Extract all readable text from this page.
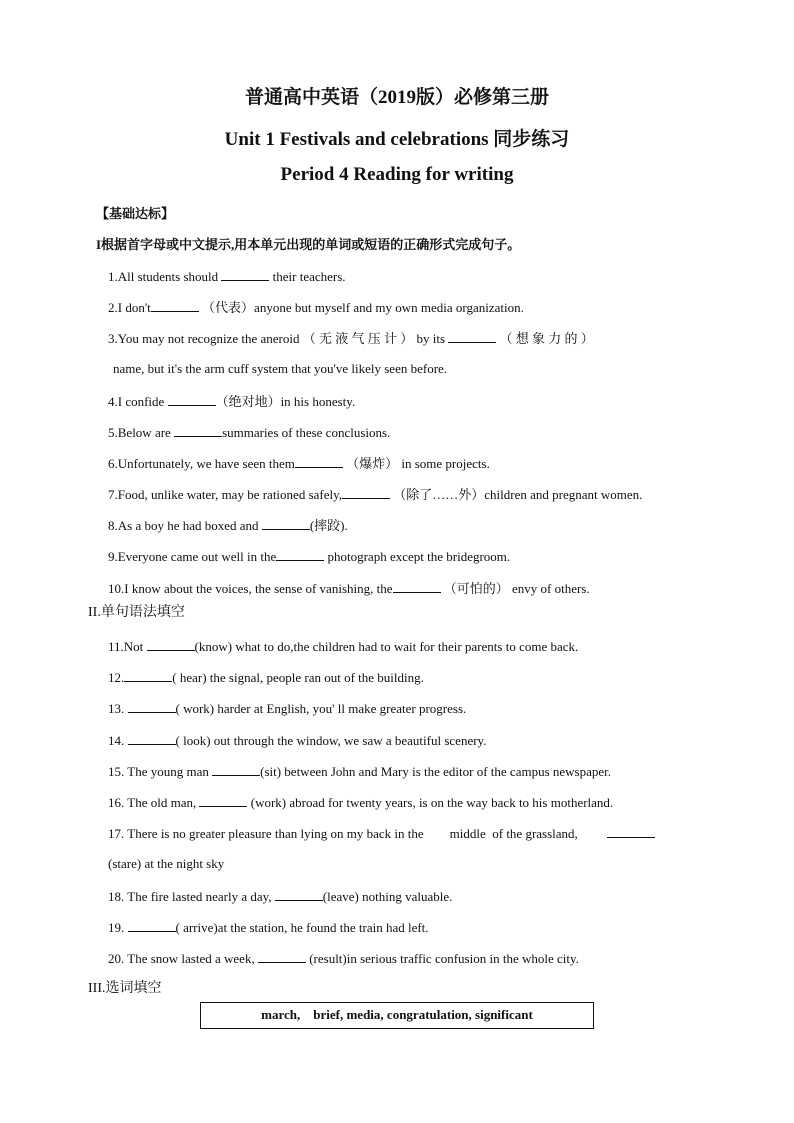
普通高中英语（2019版）必修第三册
Unit 1 Festivals and celebrations 同步练习
Period 4 Reading for writing
【基础达标】
I根据首字母或中文提示,用本单元出现的单词或短语的正确形式完成句子。
1.All students should	their teachers.
2.I don't	（代表）anyone but myself and my own media organization.
3.You may not recognize the aneroid （ 无 液 气 压 计 ） by its	（ 想 象 力 的 ）
name, but it's the arm cuff system that you've likely seen before.
4.I confide	（绝对地）in his honesty.
5.Below are	summaries of these conclusions.
6.Unfortunately, we have seen them	（爆炸） in some projects.
7.Food, unlike water, may be rationed safely,	（除了……外）children and pregnant women.
8.As a boy he had boxed and	(摔跤).
9.Everyone came out well in the	photograph except the bridegroom.
10.I know about the voices, the sense of vanishing, the	（可怕的） envy of others.
II.单句语法填空
11.Not	(know) what to do,the children had to wait for their parents to come back.
12.	( hear) the signal, people ran out of the building.
13.	( work) harder at English, you' ll make greater progress.
14.	( look) out through the window, we saw a beautiful scenery.
15. The young man	(sit) between John and Mary is the editor of the campus newspaper.
16. The old man,	(work) abroad for twenty years, is on the way back to his motherland.
17. There is no greater pleasure than lying on my back in the        middle  of the grassland,
(stare) at the night sky
18. The fire lasted nearly a day,	(leave) nothing valuable.
19.	( arrive)at the station, he found the train had left.
20. The snow lasted a week,	(result)in serious traffic confusion in the whole city.
III.选词填空
march,    brief, media, congratulation, significant
